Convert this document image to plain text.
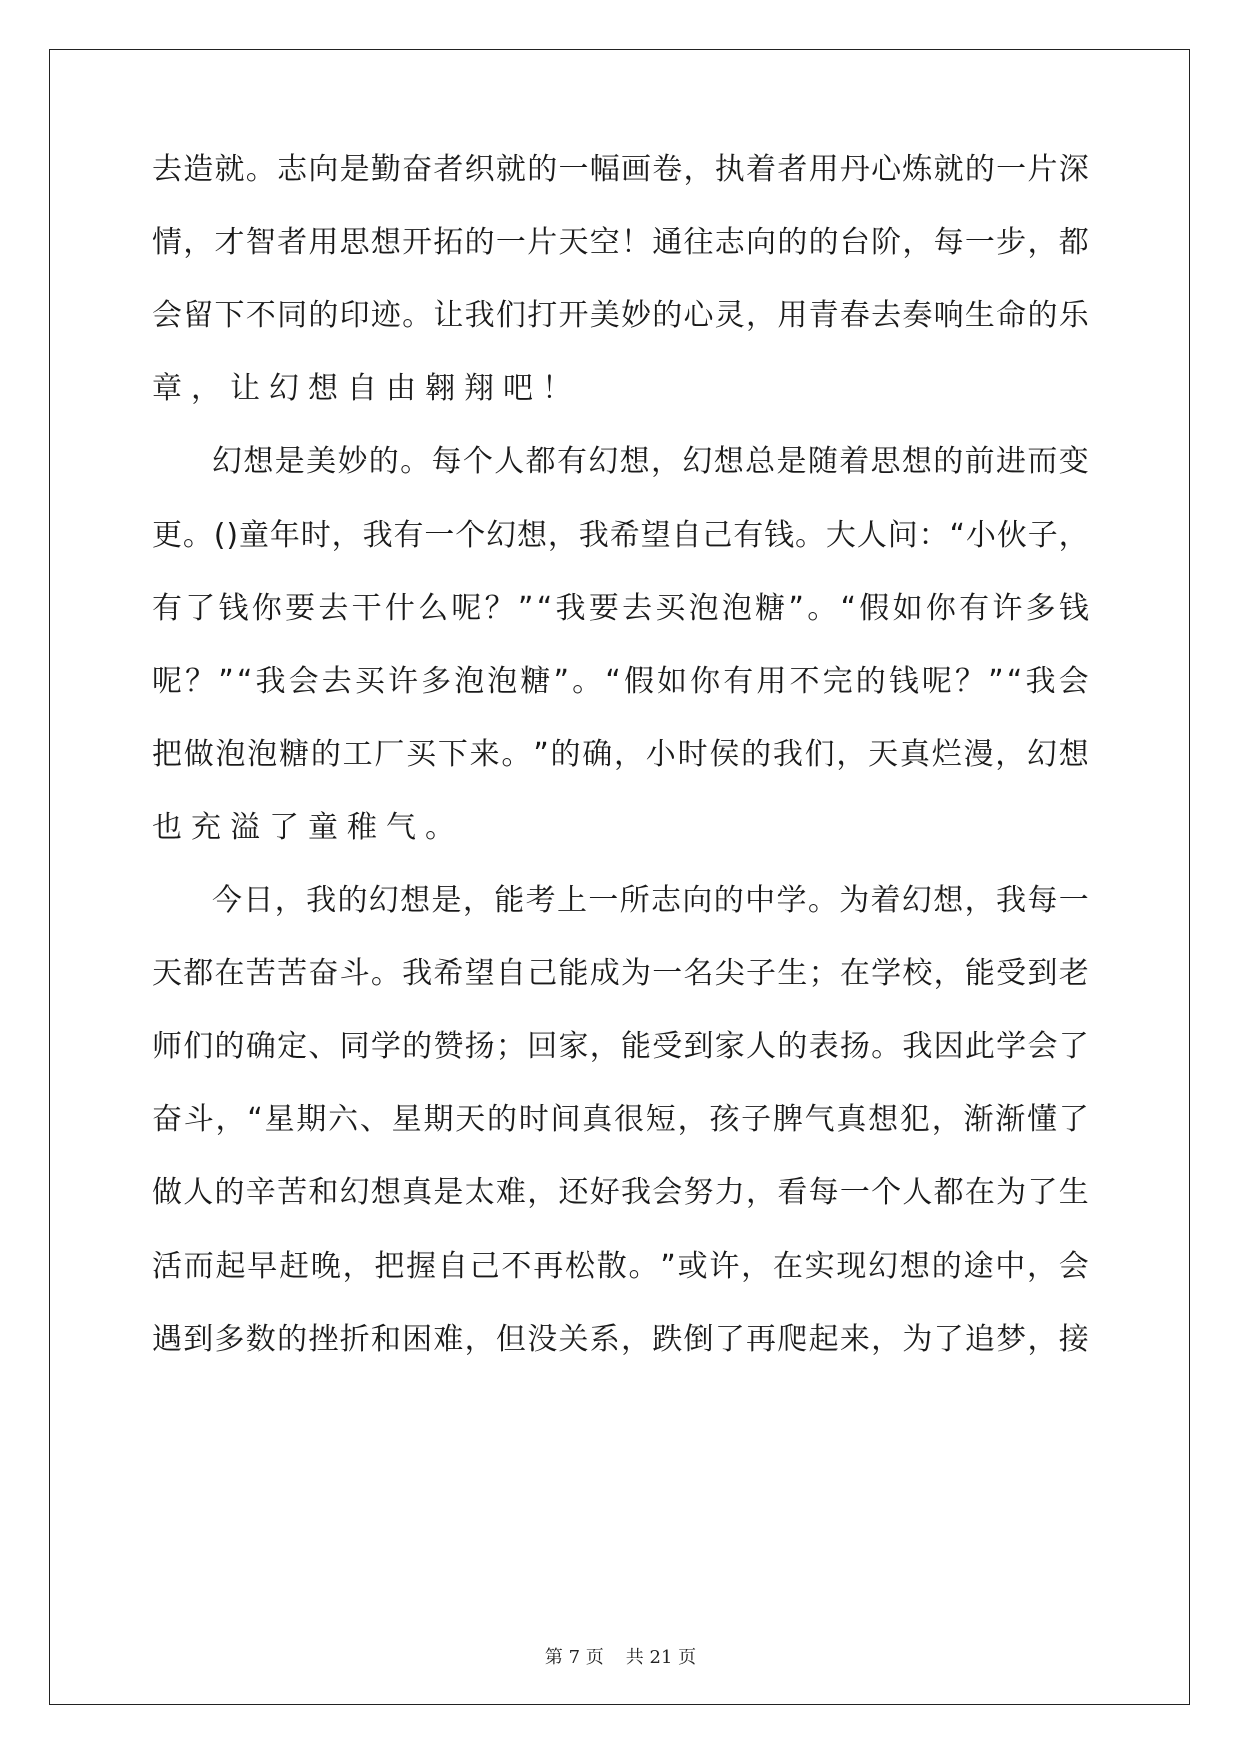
去 造 就 。 志 向 是 勤 奋 者 织 就 的 一 幅 画 卷 ， 执 着 者 用 丹 心 炼 就 的 一 片 深
情 ， 才 智 者 用 思 想 开 拓 的 一 片 天 空 ！ 通 往 志 向 的 的 台 阶 ， 每 一 步 ， 都
会 留 下 不 同 的 印 迹 。 让 我 们 打 开 美 妙 的 心 灵 ， 用 青 春 去 奏 响 生 命 的 乐
章，让幻想自由翱翔吧！
幻 想 是 美 妙 的 。 每 个 人 都 有 幻 想 ， 幻 想 总 是 随 着 思 想 的 前 进 而 变
更 。 ( ) 童 年 时 ， 我 有 一 个 幻 想 ， 我 希 望 自 己 有 钱 。 大 人 问 ： “ 小 伙 子 ，
有 了 钱 你 要 去 干 什 么 呢 ？ ” “ 我 要 去 买 泡 泡 糖 ” 。 “ 假 如 你 有 许 多 钱
呢 ？ ” “ 我 会 去 买 许 多 泡 泡 糖 ” 。 “ 假 如 你 有 用 不 完 的 钱 呢 ？ ” “ 我 会
把 做 泡 泡 糖 的 工 厂 买 下 来 。 ” 的 确 ， 小 时 侯 的 我 们 ， 天 真 烂 漫 ， 幻 想
也充溢了童稚气。
今 日 ， 我 的 幻 想 是 ， 能 考 上 一 所 志 向 的 中 学 。 为 着 幻 想 ， 我 每 一
天 都 在 苦 苦 奋 斗 。 我 希 望 自 己 能 成 为 一 名 尖 子 生 ； 在 学 校 ， 能 受 到 老
师 们 的 确 定 、 同 学 的 赞 扬 ； 回 家 ， 能 受 到 家 人 的 表 扬 。 我 因 此 学 会 了
奋 斗 ， “ 星 期 六 、 星 期 天 的 时 间 真 很 短 ， 孩 子 脾 气 真 想 犯 ， 渐 渐 懂 了
做 人 的 辛 苦 和 幻 想 真 是 太 难 ， 还 好 我 会 努 力 ， 看 每 一 个 人 都 在 为 了 生
活 而 起 早 赶 晚 ， 把 握 自 己 不 再 松 散 。 ” 或 许 ， 在 实 现 幻 想 的 途 中 ， 会
遇 到 多 数 的 挫 折 和 困 难 ， 但 没 关 系 ， 跌 倒 了 再 爬 起 来 ， 为 了 追 梦 ， 接
第 7 页 共 21 页
